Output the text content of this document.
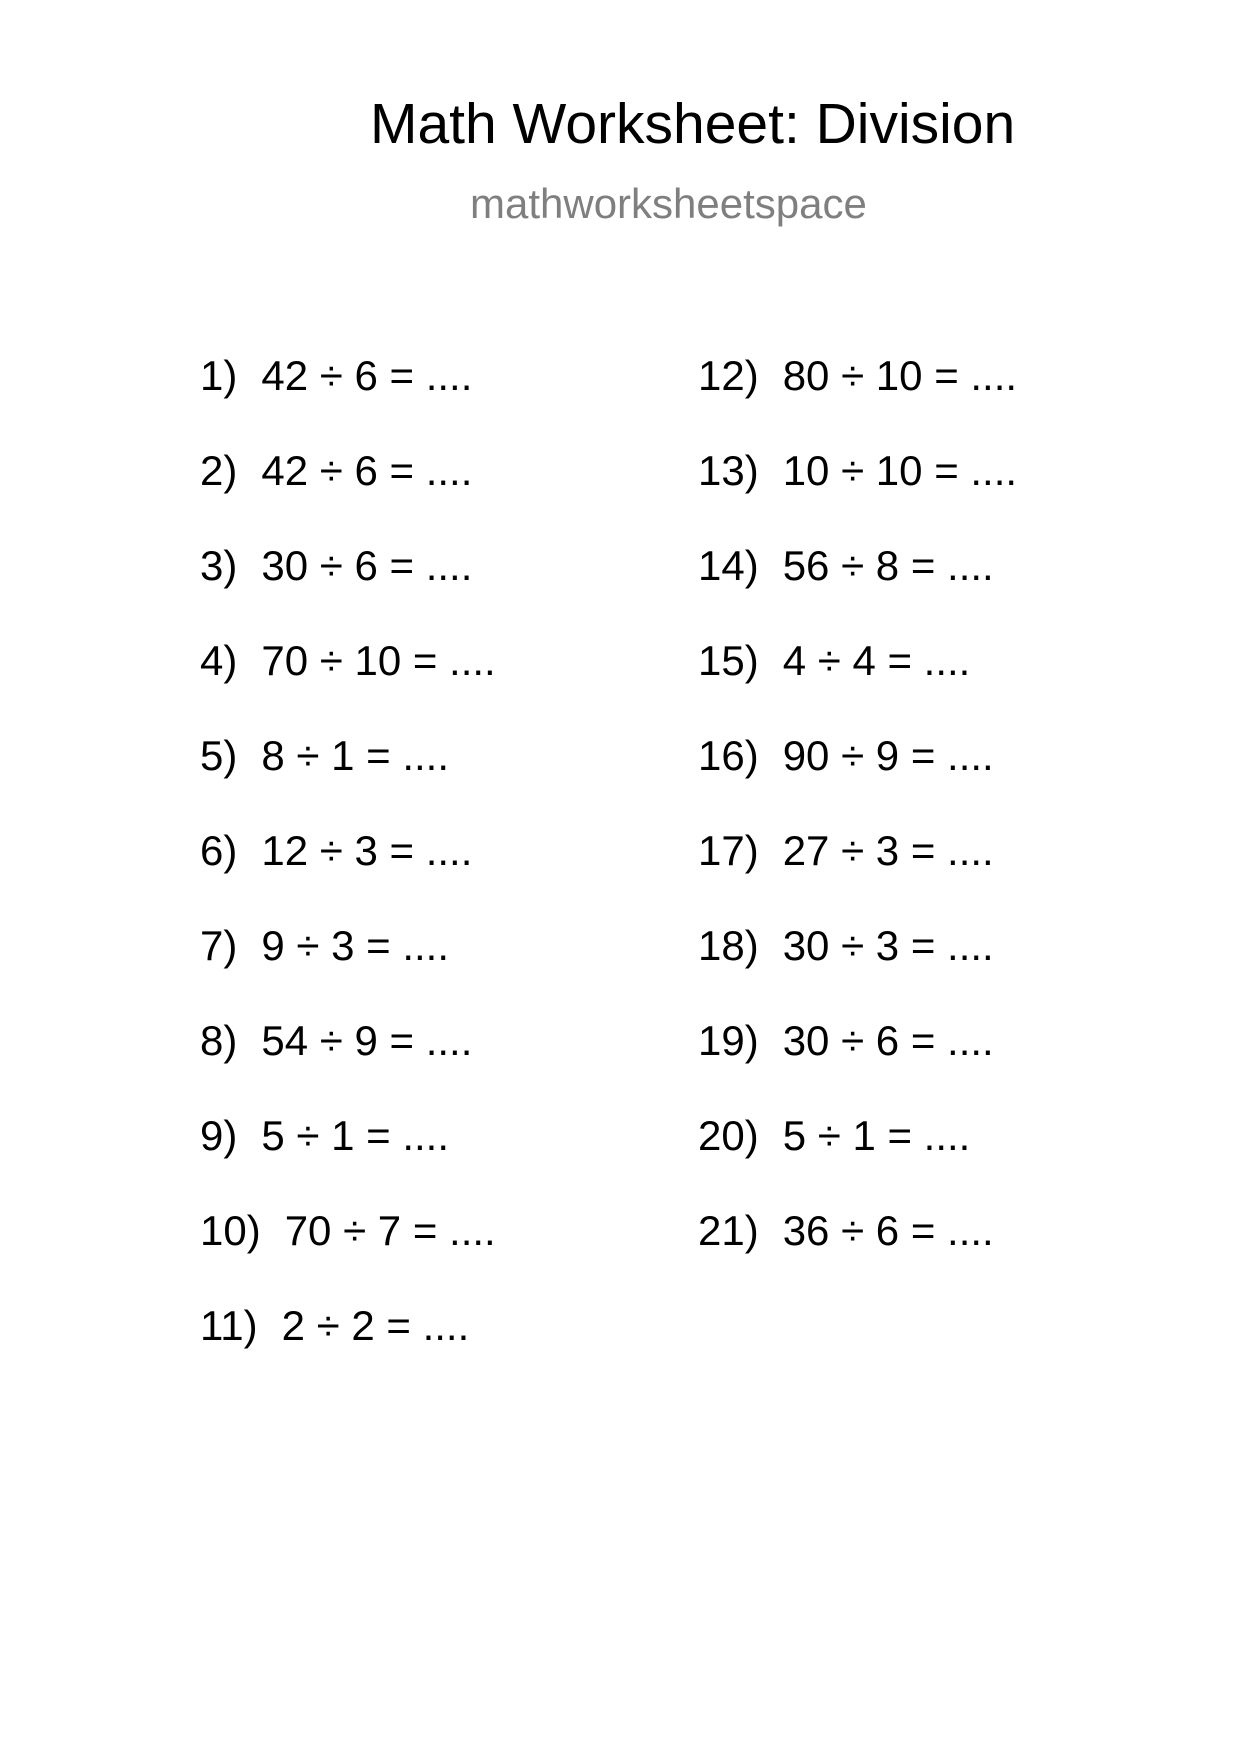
Math Worksheet: Division
mathworksheetspace
1) 42 ÷ 6 = ....
2) 42 ÷ 6 = ....
3) 30 ÷ 6 = ....
4) 70 ÷ 10 = ....
5) 8 ÷ 1 = ....
6) 12 ÷ 3 = ....
7) 9 ÷ 3 = ....
8) 54 ÷ 9 = ....
9) 5 ÷ 1 = ....
10) 70 ÷ 7 = ....
11) 2 ÷ 2 = ....
12) 80 ÷ 10 = ....
13) 10 ÷ 10 = ....
14) 56 ÷ 8 = ....
15) 4 ÷ 4 = ....
16) 90 ÷ 9 = ....
17) 27 ÷ 3 = ....
18) 30 ÷ 3 = ....
19) 30 ÷ 6 = ....
20) 5 ÷ 1 = ....
21) 36 ÷ 6 = ....
